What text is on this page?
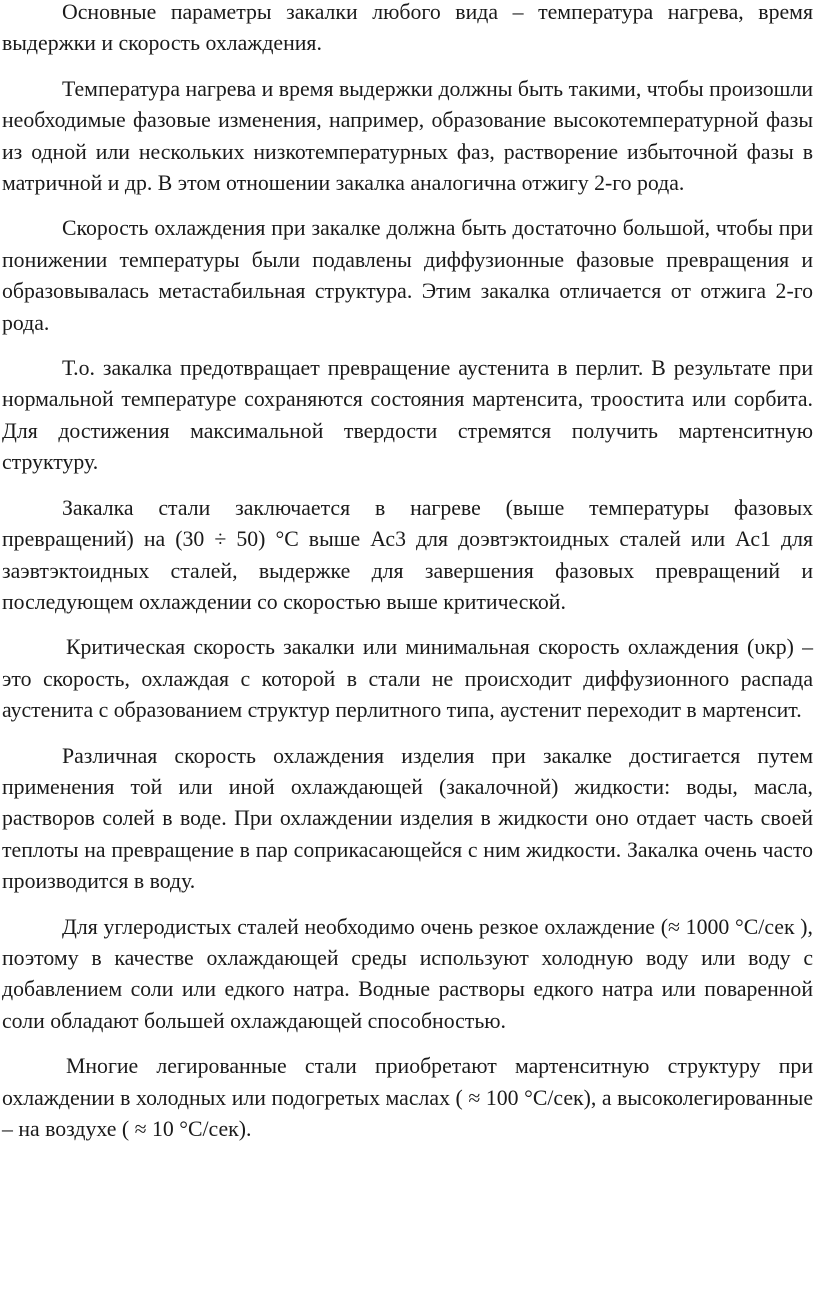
Основные параметры закалки любого вида – температура нагрева, время выдержки и скорость охлаждения.

Температура нагрева и время выдержки должны быть такими, чтобы произошли необходимые фазовые изменения, например, образование высокотемпературной фазы из одной или нескольких низкотемпературных фаз, растворение избыточной фазы в матричной и др. В этом отношении закалка аналогична отжигу 2-го рода.

Скорость охлаждения при закалке должна быть достаточно большой, чтобы при понижении температуры были подавлены диффузионные фазовые превращения и образовывалась метастабильная структура. Этим закалка отличается от отжига 2-го рода.

Т.о. закалка предотвращает превращение аустенита в перлит. В результате при нормальной температуре сохраняются состояния мартенсита, троостита или сорбита. Для достижения максимальной твердости стремятся получить мартенситную структуру.

Закалка стали заключается в нагреве (выше температуры фазовых превращений) на (30 ÷ 50) °С выше Ас3 для доэвтэктоидных сталей или Ас1 для заэвтэктоидных сталей, выдержке для завершения фазовых превращений и последующем охлаждении со скоростью выше критической.

Критическая скорость закалки или минимальная скорость охлаждения (υкр) – это скорость, охлаждая с которой в стали не происходит диффузионного распада аустенита с образованием структур перлитного типа, аустенит переходит в мартенсит.

Различная скорость охлаждения изделия при закалке достигается путем применения той или иной охлаждающей (закалочной) жидкости: воды, масла, растворов солей в воде. При охлаждении изделия в жидкости оно отдает часть своей теплоты на превращение в пар соприкасающейся с ним жидкости. Закалка очень часто производится в воду.

Для углеродистых сталей необходимо очень резкое охлаждение (≈ 1000 °С/сек ), поэтому в качестве охлаждающей среды используют холодную воду или воду с добавлением соли или едкого натра. Водные растворы едкого натра или поваренной соли обладают большей охлаждающей способностью.

Многие легированные стали приобретают мартенситную структуру при охлаждении в холодных или подогретых маслах ( ≈ 100 °С/сек), а высоколегированные – на воздухе ( ≈ 10 °С/сек).
